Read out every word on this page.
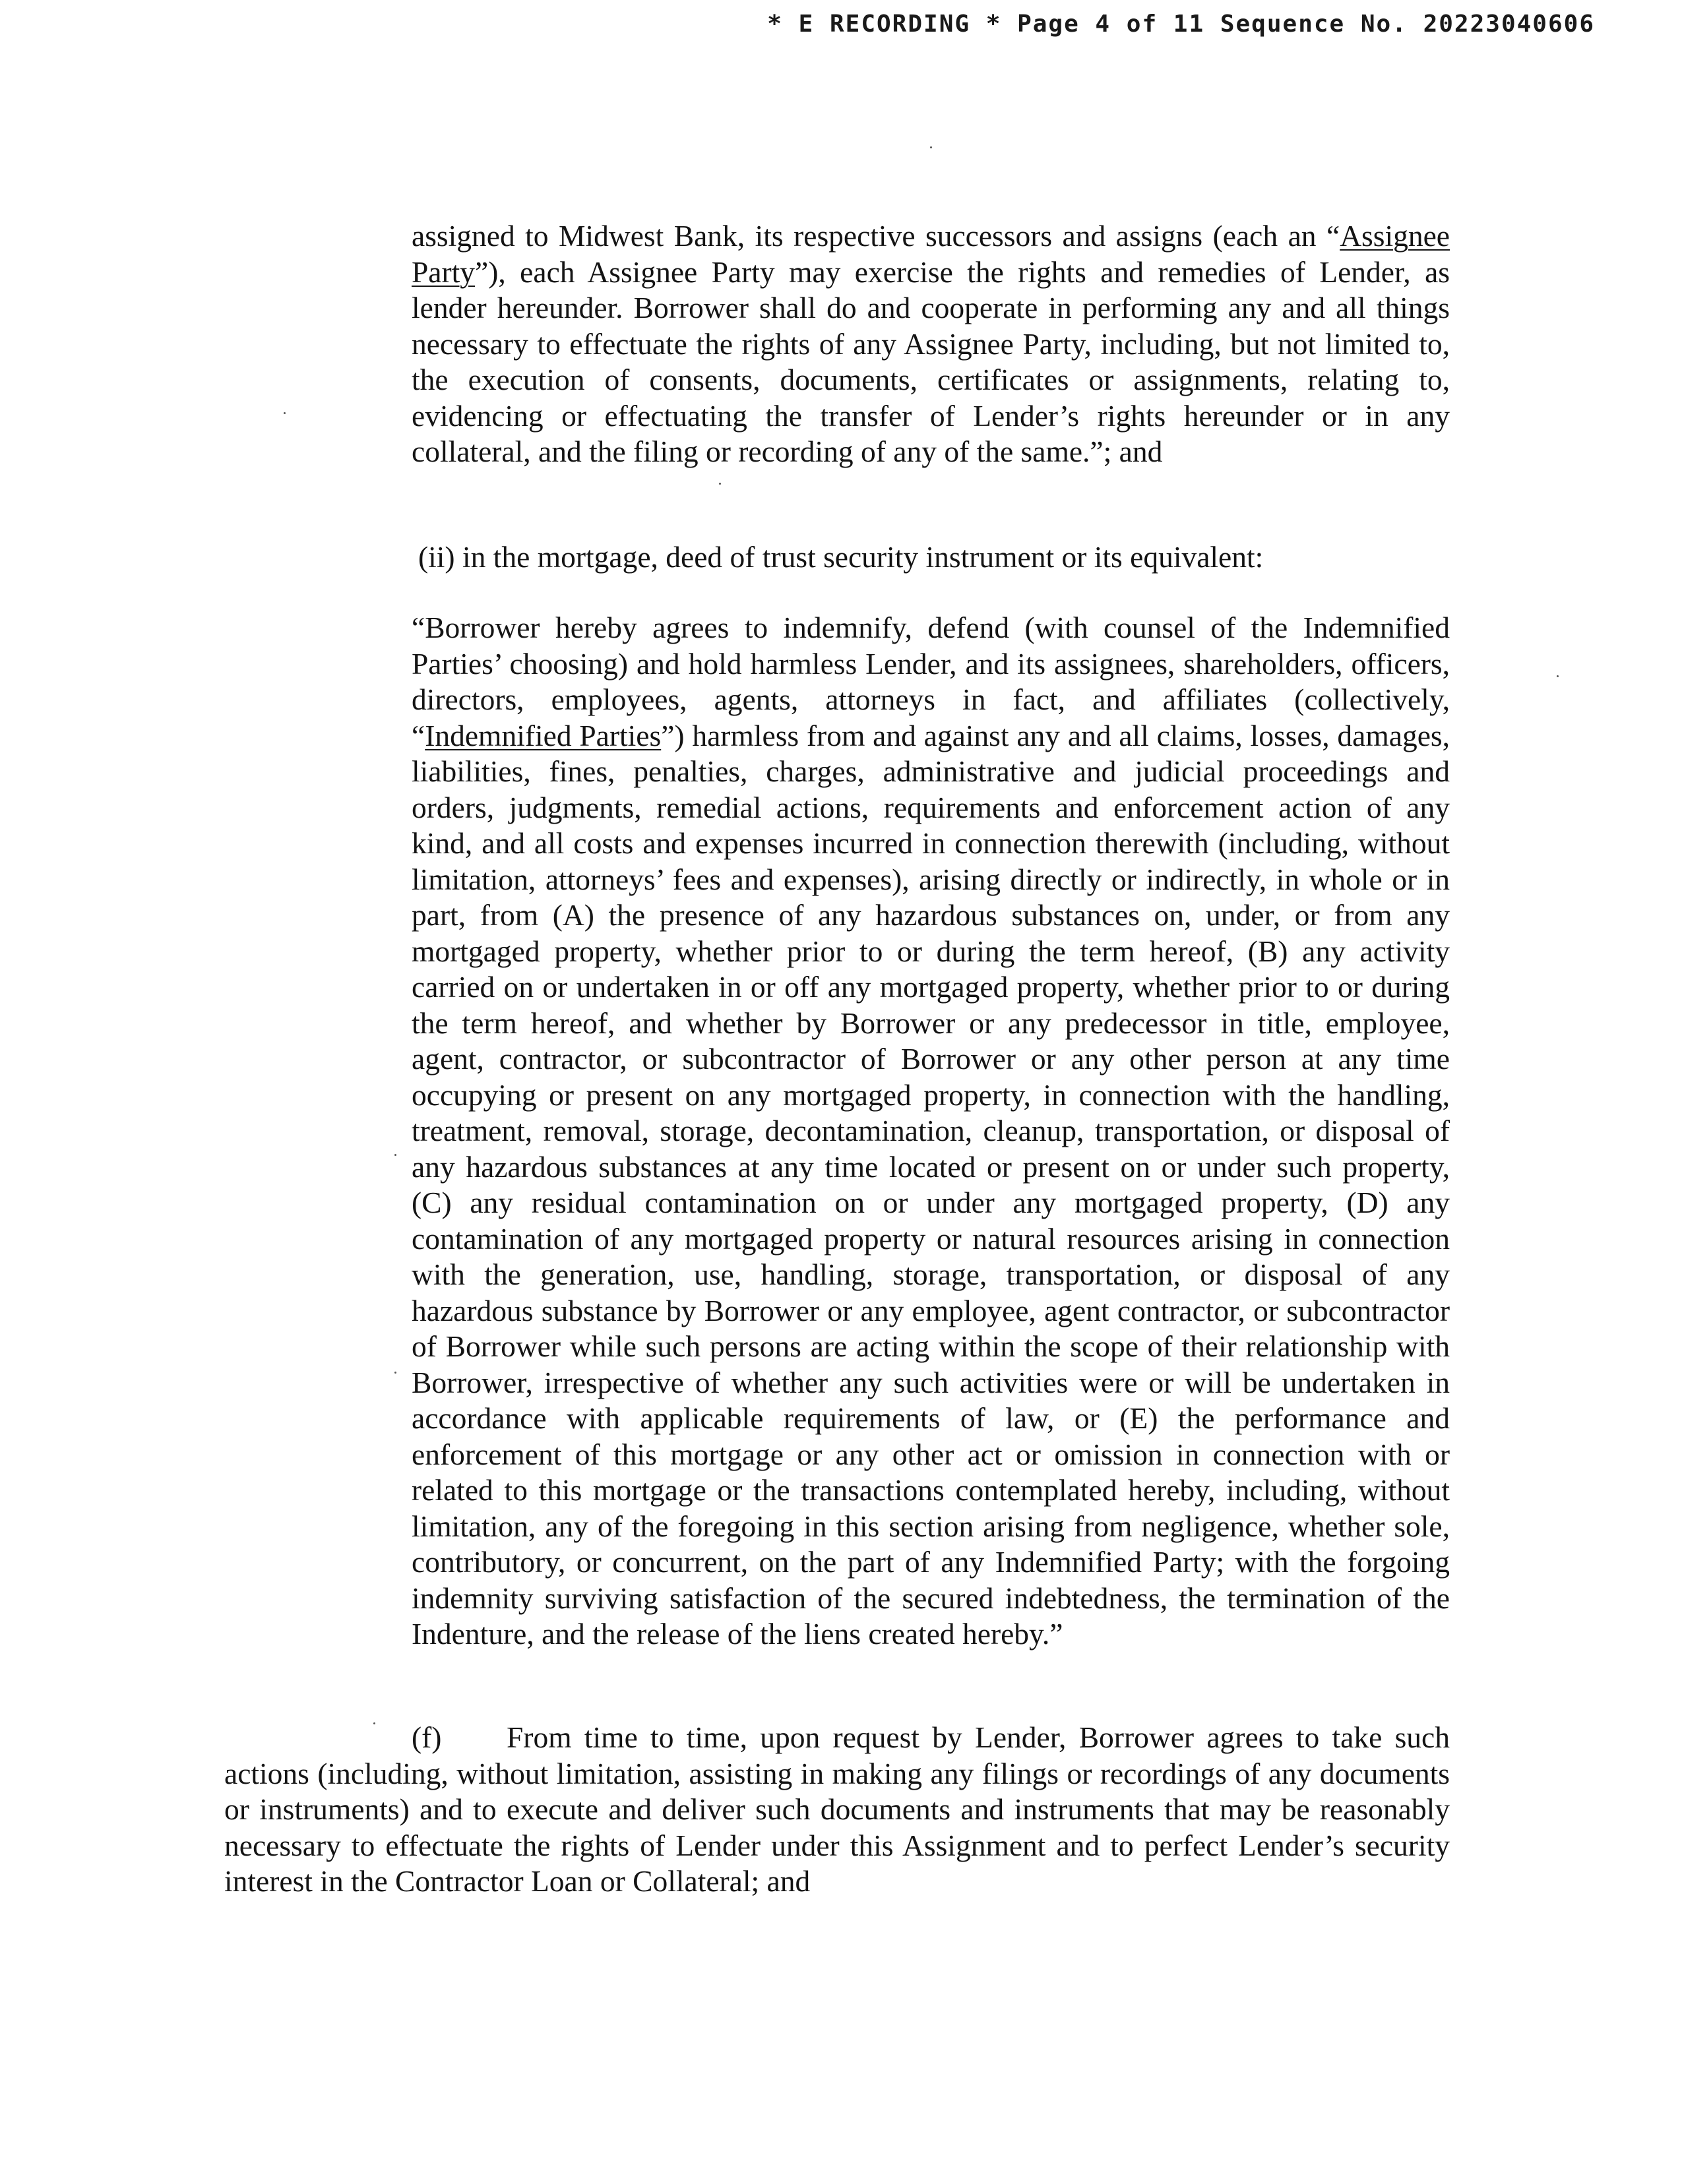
* E RECORDING * Page 4 of 11 Sequence No. 20223040606

assigned to Midwest Bank, its respective successors and assigns (each an “Assignee Party”), each Assignee Party may exercise the rights and remedies of Lender, as lender hereunder. Borrower shall do and cooperate in performing any and all things necessary to effectuate the rights of any Assignee Party, including, but not limited to, the execution of consents, documents, certificates or assignments, relating to, evidencing or effectuating the transfer of Lender’s rights hereunder or in any collateral, and the filing or recording of any of the same.”; and

(ii) in the mortgage, deed of trust security instrument or its equivalent:

“Borrower hereby agrees to indemnify, defend (with counsel of the Indemnified Parties’ choosing) and hold harmless Lender, and its assignees, shareholders, officers, directors, employees, agents, attorneys in fact, and affiliates (collectively, “Indemnified Parties”) harmless from and against any and all claims, losses, damages, liabilities, fines, penalties, charges, administrative and judicial proceedings and orders, judgments, remedial actions, requirements and enforcement action of any kind, and all costs and expenses incurred in connection therewith (including, without limitation, attorneys’ fees and expenses), arising directly or indirectly, in whole or in part, from (A) the presence of any hazardous substances on, under, or from any mortgaged property, whether prior to or during the term hereof, (B) any activity carried on or undertaken in or off any mortgaged property, whether prior to or during the term hereof, and whether by Borrower or any predecessor in title, employee, agent, contractor, or subcontractor of Borrower or any other person at any time occupying or present on any mortgaged property, in connection with the handling, treatment, removal, storage, decontamination, cleanup, transportation, or disposal of any hazardous substances at any time located or present on or under such property, (C) any residual contamination on or under any mortgaged property, (D) any contamination of any mortgaged property or natural resources arising in connection with the generation, use, handling, storage, transportation, or disposal of any hazardous substance by Borrower or any employee, agent contractor, or subcontractor of Borrower while such persons are acting within the scope of their relationship with Borrower, irrespective of whether any such activities were or will be undertaken in accordance with applicable requirements of law, or (E) the performance and enforcement of this mortgage or any other act or omission in connection with or related to this mortgage or the transactions contemplated hereby, including, without limitation, any of the foregoing in this section arising from negligence, whether sole, contributory, or concurrent, on the part of any Indemnified Party; with the forgoing indemnity surviving satisfaction of the secured indebtedness, the termination of the Indenture, and the release of the liens created hereby.”

(f) From time to time, upon request by Lender, Borrower agrees to take such actions (including, without limitation, assisting in making any filings or recordings of any documents or instruments) and to execute and deliver such documents and instruments that may be reasonably necessary to effectuate the rights of Lender under this Assignment and to perfect Lender’s security interest in the Contractor Loan or Collateral; and
